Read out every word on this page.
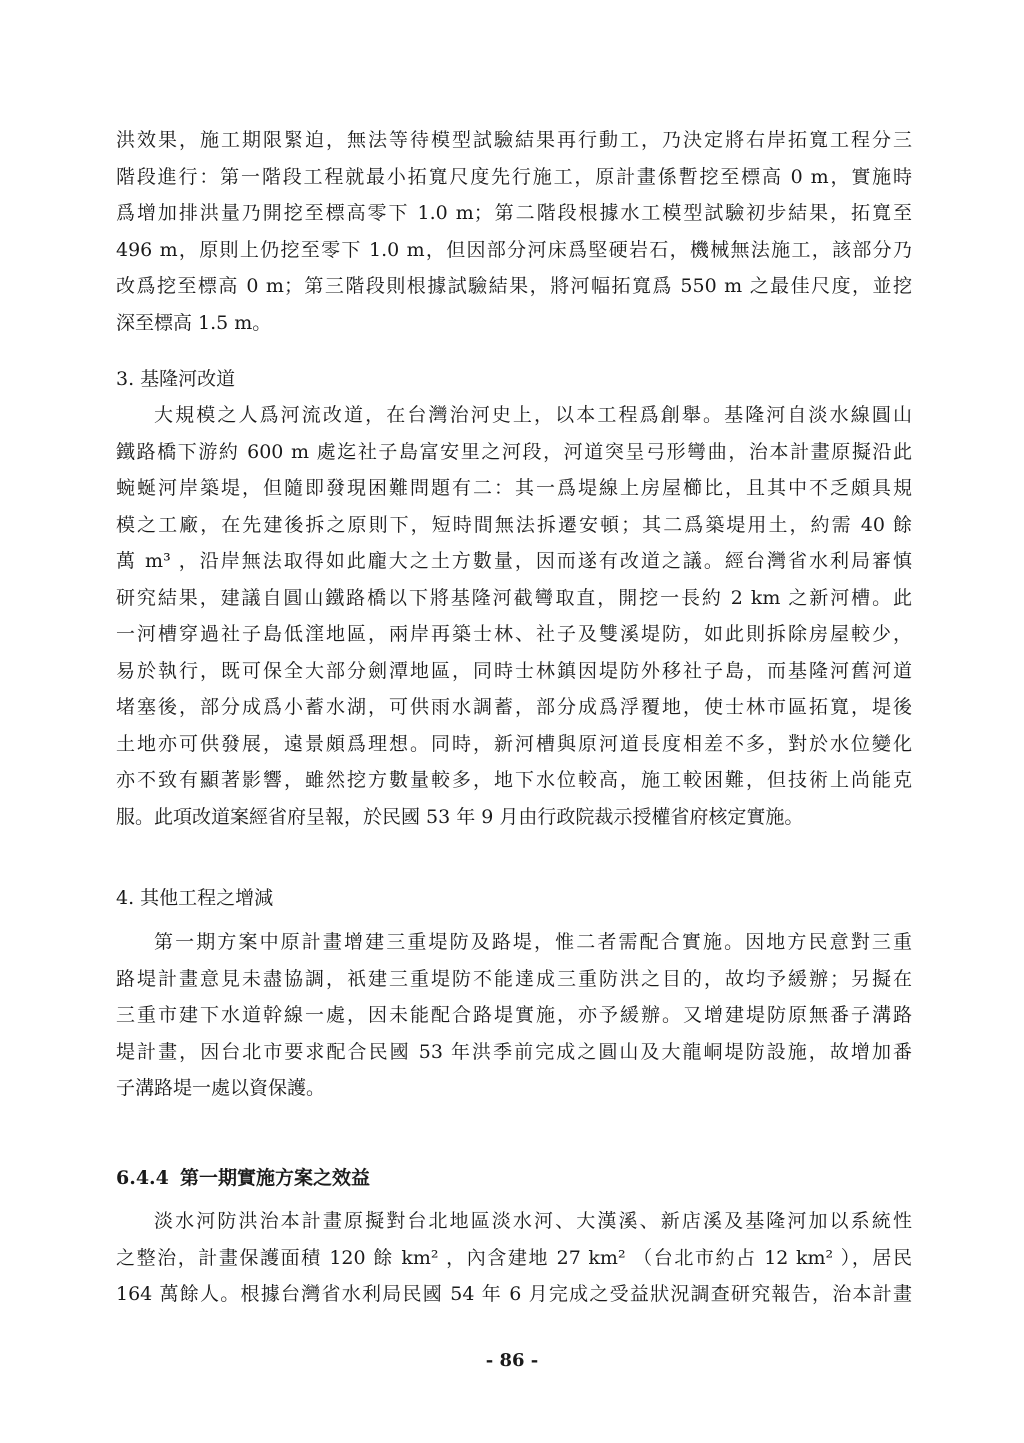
洪效果，施工期限緊迫，無法等待模型試驗結果再行動工，乃決定將右岸拓寬工程分三
階段進行：第一階段工程就最小拓寬尺度先行施工，原計畫係暫挖至標高 0 m，實施時
爲增加排洪量乃開挖至標高零下 1.0 m；第二階段根據水工模型試驗初步結果，拓寬至
496 m，原則上仍挖至零下 1.0 m，但因部分河床爲堅硬岩石，機械無法施工，該部分乃
改爲挖至標高 0 m；第三階段則根據試驗結果，將河幅拓寬爲 550 m 之最佳尺度，並挖
深至標高 1.5 m。

3. 基隆河改道

大規模之人爲河流改道，在台灣治河史上，以本工程爲創舉。基隆河自淡水線圓山
鐵路橋下游約 600 m 處迄社子島富安里之河段，河道突呈弓形彎曲，治本計畫原擬沿此
蜿蜒河岸築堤，但隨即發現困難問題有二：其一爲堤線上房屋櫛比，且其中不乏頗具規
模之工廠，在先建後拆之原則下，短時間無法拆遷安頓；其二爲築堤用土，約需 40 餘
萬 m³ ，沿岸無法取得如此龐大之土方數量，因而遂有改道之議。經台灣省水利局審慎
研究結果，建議自圓山鐵路橋以下將基隆河截彎取直，開挖一長約 2 km 之新河槽。此
一河槽穿過社子島低漥地區，兩岸再築士林、社子及雙溪堤防，如此則拆除房屋較少，
易於執行，既可保全大部分劍潭地區，同時士林鎮因堤防外移社子島，而基隆河舊河道
堵塞後，部分成爲小蓄水湖，可供雨水調蓄，部分成爲浮覆地，使士林市區拓寬，堤後
土地亦可供發展，遠景頗爲理想。同時，新河槽與原河道長度相差不多，對於水位變化
亦不致有顯著影響，雖然挖方數量較多，地下水位較高，施工較困難，但技術上尚能克
服。此項改道案經省府呈報，於民國 53 年 9 月由行政院裁示授權省府核定實施。

4. 其他工程之增減

第一期方案中原計畫增建三重堤防及路堤，惟二者需配合實施。因地方民意對三重
路堤計畫意見未盡協調，祇建三重堤防不能達成三重防洪之目的，故均予緩辦；另擬在
三重市建下水道幹線一處，因未能配合路堤實施，亦予緩辦。又增建堤防原無番子溝路
堤計畫，因台北市要求配合民國 53 年洪季前完成之圓山及大龍峒堤防設施，故增加番
子溝路堤一處以資保護。

6.4.4 第一期實施方案之效益

淡水河防洪治本計畫原擬對台北地區淡水河、大漢溪、新店溪及基隆河加以系統性
之整治，計畫保護面積 120 餘 km² ，內含建地 27 km² （台北市約占 12 km² ），居民
164 萬餘人。根據台灣省水利局民國 54 年 6 月完成之受益狀況調查研究報告，治本計畫

- 86 -
